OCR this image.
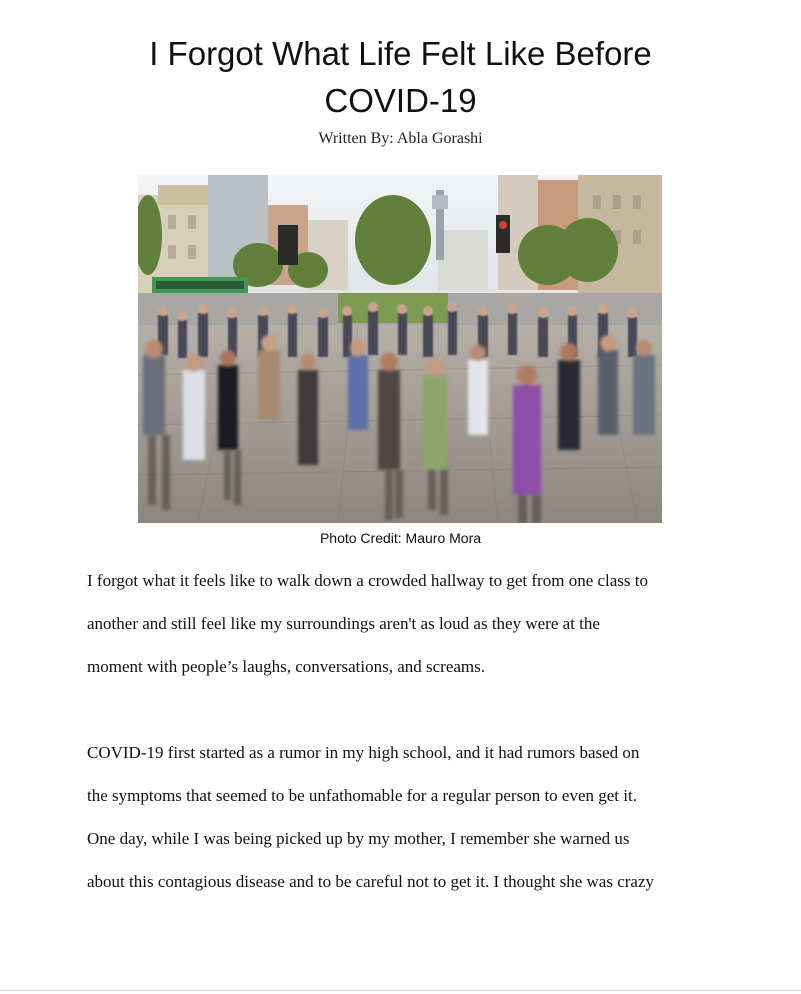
I Forgot What Life Felt Like Before
COVID-19
Written By: Abla Gorashi
Photo Credit: Mauro Mora
I forgot what it feels like to walk down a crowded hallway to get from one class to
another and still feel like my surroundings aren't as loud as they were at the
moment with people’s laughs, conversations, and screams.
COVID-19 first started as a rumor in my high school, and it had rumors based on
the symptoms that seemed to be unfathomable for a regular person to even get it.
One day, while I was being picked up by my mother, I remember she warned us
about this contagious disease and to be careful not to get it. I thought she was crazy
